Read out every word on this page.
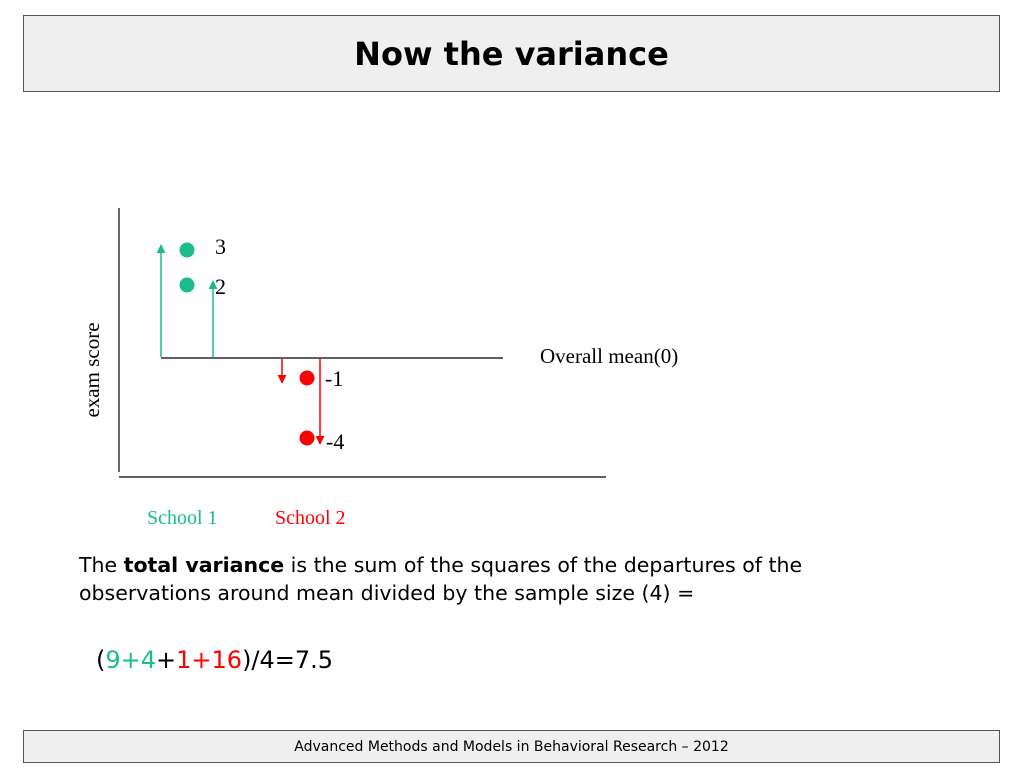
Now the variance
exam score	Overall mean(0)
3
2
-1
-4
School 1	School 2
The total variance is the sum of the squares of the departures of the observations around mean divided by the sample size (4) =
(9+4+1+16)/4=7.5
Advanced Methods and Models in Behavioral Research – 2012
